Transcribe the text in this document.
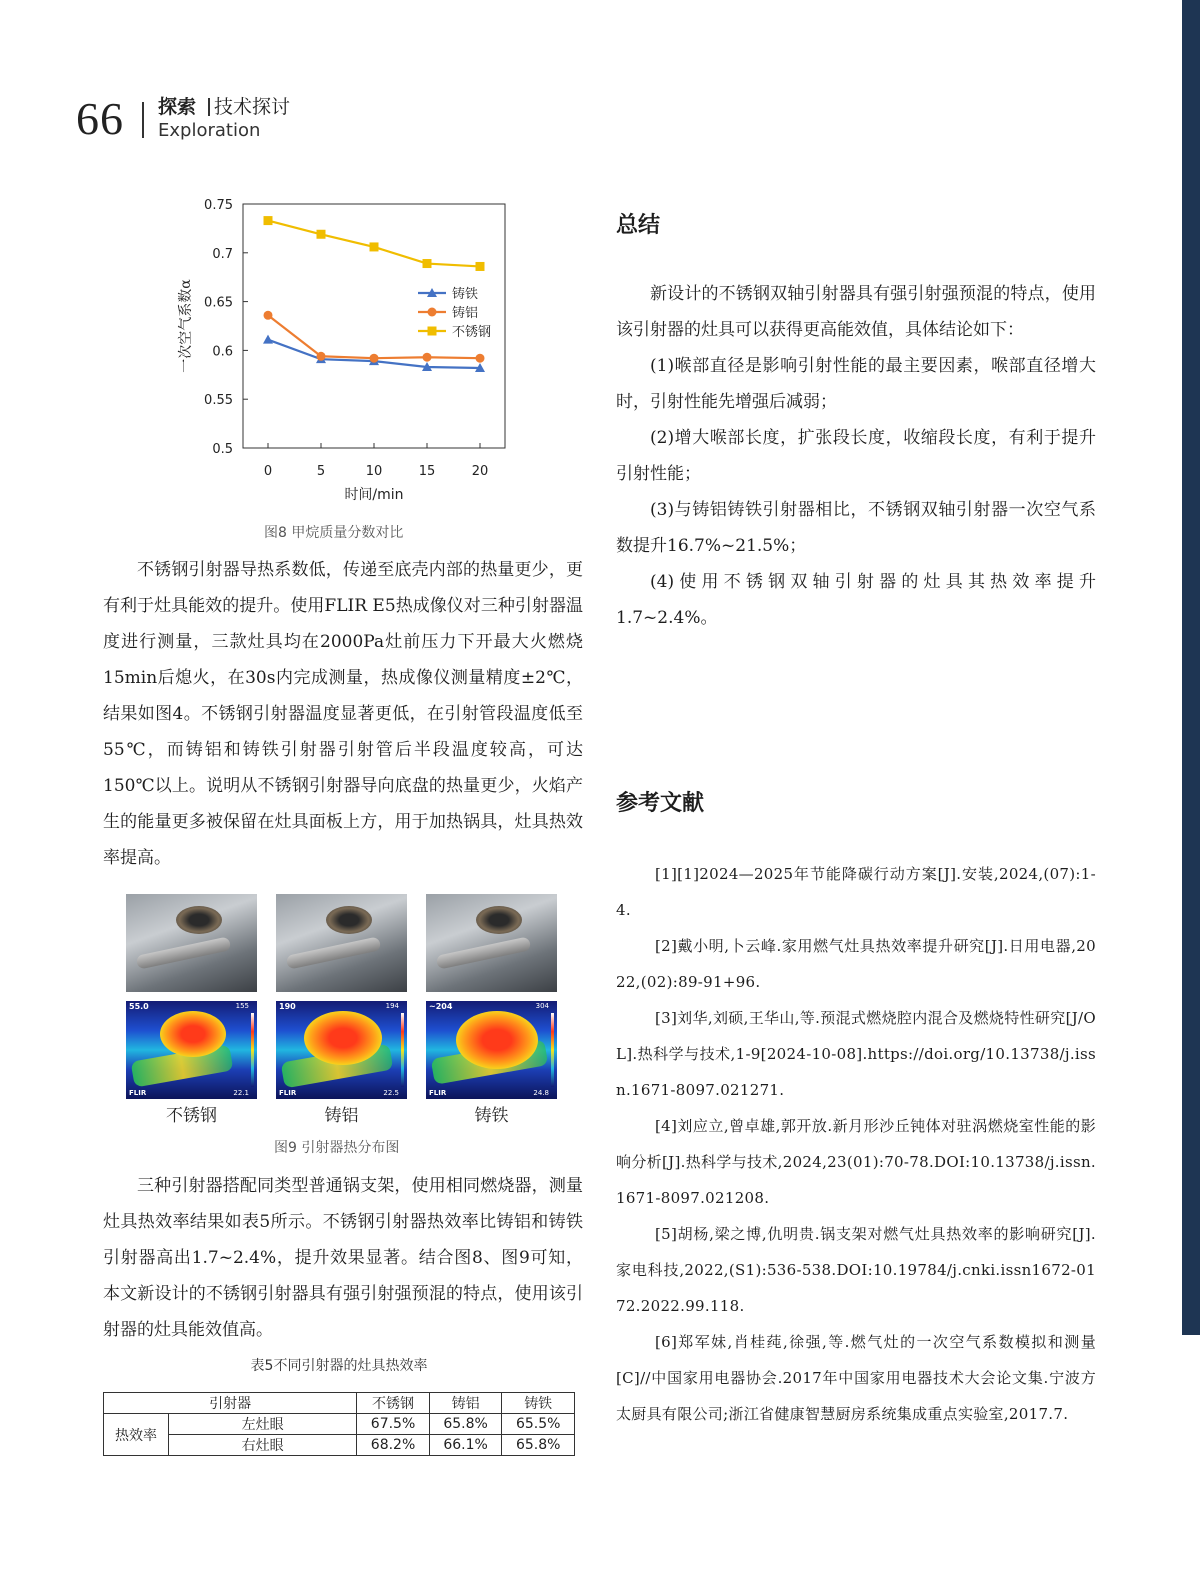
66 探索 技术探讨
Exploration
0.5
0.55
0.6
0.65
0.7
0.75
0	5	10	15	20
铸铁
铸铝
不锈钢
一次空气系数α
时间/min
图8 甲烷质量分数对比

不锈钢引射器导热系数低，传递至底壳内部的热量更少，更有利于灶具能效的提升。使用FLIR E5热成像仪对三种引射器温度进行测量，三款灶具均在2000Pa灶前压力下开最大火燃烧15min后熄火，在30s内完成测量，热成像仪测量精度±2℃，结果如图4。不锈钢引射器温度显著更低，在引射管段温度低至55℃，而铸铝和铸铁引射器引射管后半段温度较高，可达150℃以上。说明从不锈钢引射器导向底盘的热量更少，火焰产生的能量更多被保留在灶具面板上方，用于加热锅具，灶具热效率提高。

55.0	155
22.1
FLIR
190	194
22.5
FLIR
~204	304
24.8
FLIR
不锈钢	铸铝	铸铁
图9 引射器热分布图

三种引射器搭配同类型普通锅支架，使用相同燃烧器，测量灶具热效率结果如表5所示。不锈钢引射器热效率比铸铝和铸铁引射器高出1.7~2.4%，提升效果显著。结合图8、图9可知，本文新设计的不锈钢引射器具有强引射强预混的特点，使用该引射器的灶具能效值高。

表5不同引射器的灶具热效率
引射器		不锈钢	铸铝	铸铁
热效率	左灶眼	67.5%	65.8%	65.5%
	右灶眼	68.2%	66.1%	65.8%
总结

新设计的不锈钢双轴引射器具有强引射强预混的特点，使用该引射器的灶具可以获得更高能效值，具体结论如下：

(1)喉部直径是影响引射性能的最主要因素，喉部直径增大时，引射性能先增强后减弱；

(2)增大喉部长度，扩张段长度，收缩段长度，有利于提升引射性能；

(3)与铸铝铸铁引射器相比，不锈钢双轴引射器一次空气系数提升16.7%~21.5%；

(4)使用不锈钢双轴引射器的灶具其热效率提升1.7~2.4%。

参考文献

[1][1]2024—2025年节能降碳行动方案[J].安装,2024,(07):1-4.

[2]戴小明,卜云峰.家用燃气灶具热效率提升研究[J].日用电器,2022,(02):89-91+96.

[3]刘华,刘硕,王华山,等.预混式燃烧腔内混合及燃烧特性研究[J/OL].热科学与技术,1-9[2024-10-08].https://doi.org/10.13738/j.issn.1671-8097.021271.

[4]刘应立,曾卓雄,郭开放.新月形沙丘钝体对驻涡燃烧室性能的影响分析[J].热科学与技术,2024,23(01):70-78.DOI:10.13738/j.issn.1671-8097.021208.

[5]胡杨,梁之博,仇明贵.锅支架对燃气灶具热效率的影响研究[J].家电科技,2022,(S1):536-538.DOI:10.19784/j.cnki.issn1672-0172.2022.99.118.

[6]郑军妹,肖桂莼,徐强,等.燃气灶的一次空气系数模拟和测量[C]//中国家用电器协会.2017年中国家用电器技术大会论文集.宁波方太厨具有限公司;浙江省健康智慧厨房系统集成重点实验室,2017.7.
